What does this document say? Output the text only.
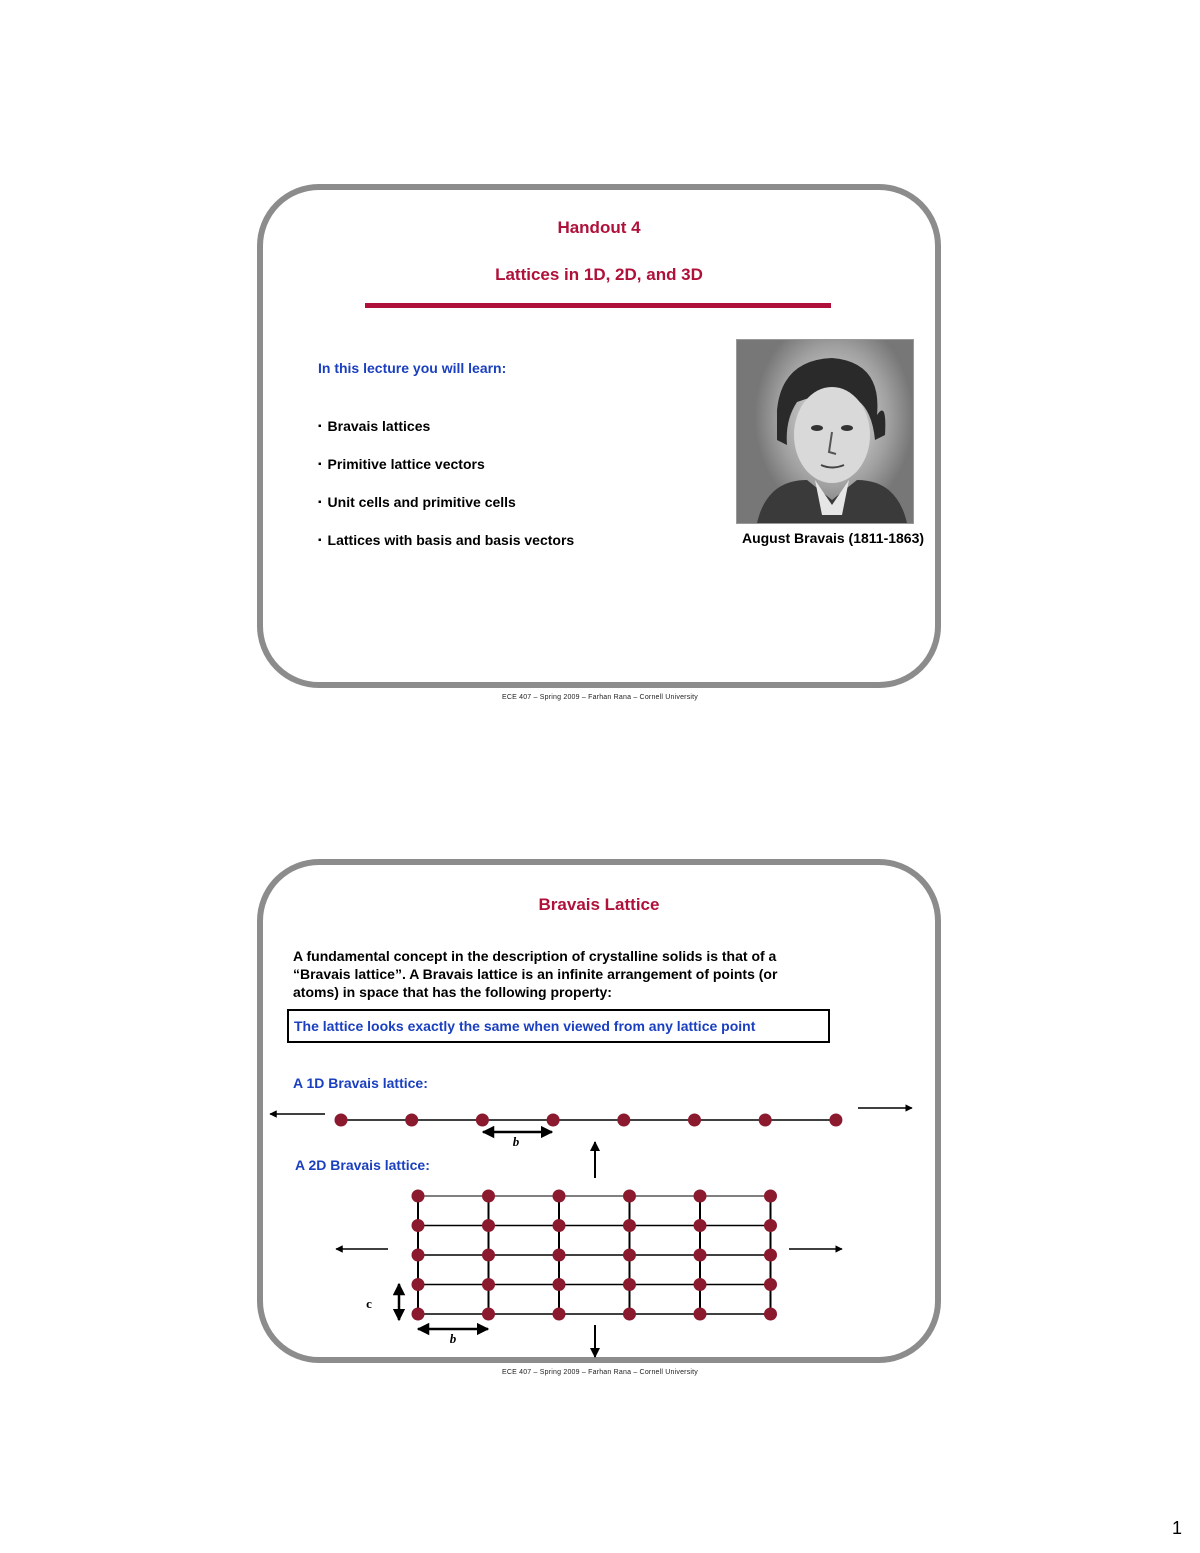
Handout 4
Lattices in 1D, 2D, and 3D
In this lecture you will learn:
▪ Bravais lattices
▪ Primitive lattice vectors
▪ Unit cells and primitive cells
▪ Lattices with basis and basis vectors	August Bravais (1811-1863)
ECE 407 – Spring 2009 – Farhan Rana – Cornell University
Bravais Lattice
A fundamental concept in the description of crystalline solids is that of a
“Bravais lattice”. A Bravais lattice is an infinite arrangement of points (or
atoms) in space that has the following property:
The lattice looks exactly the same when viewed from any lattice point
A 1D Bravais lattice:
A 2D Bravais lattice:
ECE 407 – Spring 2009 – Farhan Rana – Cornell University
b
c
b
1
